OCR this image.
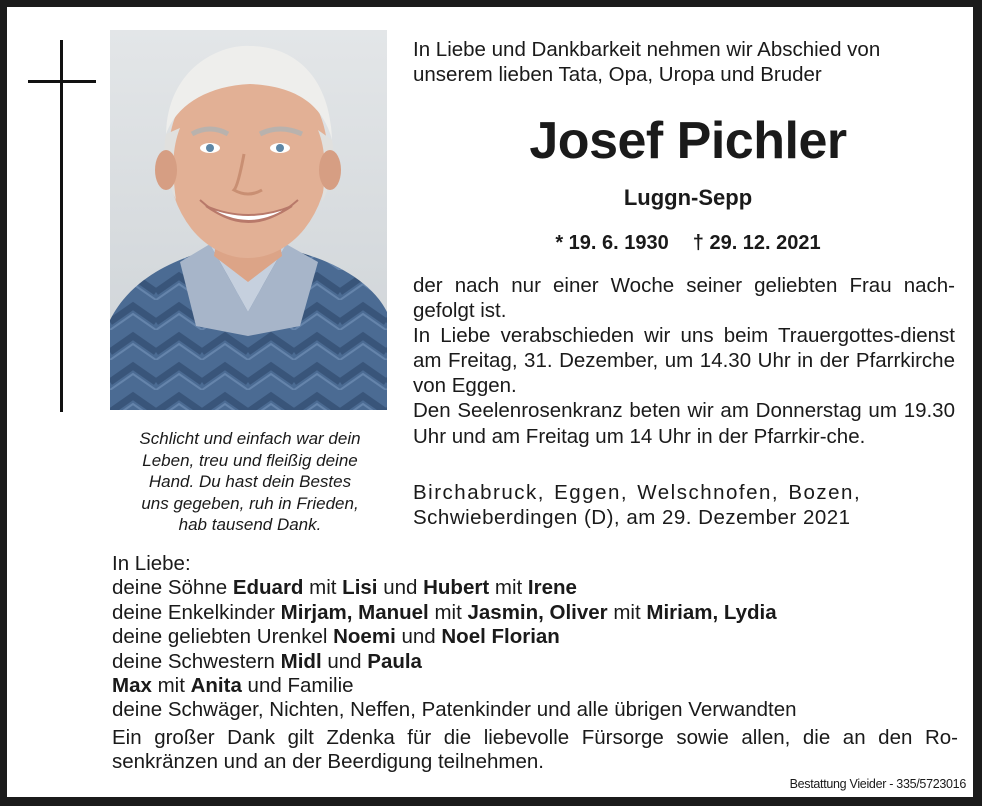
Schlicht und einfach war dein
Leben, treu und fleißig deine
Hand. Du hast dein Bestes
uns gegeben, ruh in Frieden,
hab tausend Dank.
In Liebe und Dankbarkeit nehmen wir Abschied von
unserem lieben Tata, Opa, Uropa und Bruder
Josef Pichler
Luggn-Sepp
* 19. 6. 1930 † 29. 12. 2021

der nach nur einer Woche seiner geliebten Frau nach-gefolgt ist.

In Liebe verabschieden wir uns beim Trauergottes-dienst am Freitag, 31. Dezember, um 14.30 Uhr in der Pfarrkirche von Eggen.

Den Seelenrosenkranz beten wir am Donnerstag um 19.30 Uhr und am Freitag um 14 Uhr in der Pfarrkir-che.

Birchabruck, Eggen, Welschnofen, Bozen,
Schwieberdingen (D), am 29. Dezember 2021
In Liebe:
deine Söhne Eduard mit Lisi und Hubert mit Irene
deine Enkelkinder Mirjam, Manuel mit Jasmin, Oliver mit Miriam, Lydia
deine geliebten Urenkel Noemi und Noel Florian
deine Schwestern Midl und Paula
Max mit Anita und Familie
deine Schwäger, Nichten, Neffen, Patenkinder und alle übrigen Verwandten
Ein großer Dank gilt Zdenka für die liebevolle Fürsorge sowie allen, die an den Ro-senkränzen und an der Beerdigung teilnehmen.
Bestattung Vieider - 335/5723016
